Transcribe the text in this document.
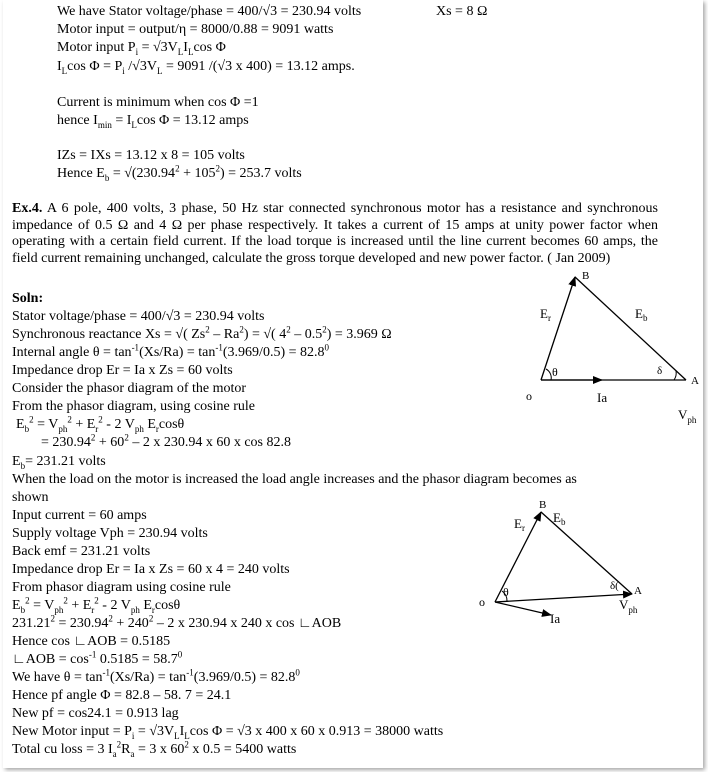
We have Stator voltage/phase = 400/√3 = 230.94 volts	Xs = 8 Ω
Motor input = output/η = 8000/0.88 = 9091 watts
Motor input $P_i = √3V_LI_L\cos$ Φ
$I_L\cos$ $\Phi = P_i$ $/√3V_L = 9091$ /(√3 x 400) = 13.12 amps.
Current is minimum when cos Φ =1
hence $I_{min} = I_L\cos$ Φ = 13.12 amps
IZs = IXs = 13.12 x 8 = 105 volts
Hence $E_b = √(230.94^2 + 105^2) = 253.7$ volts
Ex.4. A 6 pole, 400 volts, 3 phase, 50 Hz star connected synchronous motor has a resistance and synchronous impedance of 0.5 Ω and 4 Ω per phase respectively. It takes a current of 15 amps at unity power factor when operating with a certain field current. If the load torque is increased until the line current becomes 60 amps, the field current remaining unchanged, calculate the gross torque developed and new power factor. ( Jan 2009)
Soln:
Stator voltage/phase = 400/√3 = 230.94 volts
Synchronous reactance Xs = √( $Zs^2 - Ra^2$) = √( $4^2 - 0.5^2) = 3.969$ Ω
Internal angle $\theta = \tan^{-1}(Xs/Ra) = \tan^{-1}(3.969/0.5) = 82.8^0$
Impedance drop Er = Ia x Zs = 60 volts
Consider the phasor diagram of the motor
From the phasor diagram, using cosine rule
$E_b^2 = V_{ph}^2 + E_r^2 - 2$ $V_{ph}$ $E_r\cos\theta$
= $230.94^2 + 60^2 - 2$ x 230.94 x 60 x cos 82.8
$E_b= 231.21$ volts
When the load on the motor is increased the load angle increases and the phasor diagram becomes as
shown
Input current = 60 amps
Supply voltage Vph = 230.94 volts
Back emf = 231.21 volts
Impedance drop Er = Ia x Zs = 60 x 4 = 240 volts
From phasor diagram using cosine rule
$E_b^2 = V_{ph}^2 + E_r^2 - 2$ $V_{ph}$ $E_r\cos\theta$
$231.21^2 = 230.94^2 + 240^2 - 2$ x 230.94 x 240 x cos ∟AOB
Hence cos ∟AOB = 0.5185
∟AOB = $\cos^{-1} 0.5185 = 58.7^0$
We have $\theta = \tan^{-1}(Xs/Ra) = \tan^{-1}(3.969/0.5) = 82.8^0$
Hence pf angle Φ = 82.8 – 58. 7 = 24.1
New pf = cos24.1 = 0.913 lag
New Motor input = $P_i = √3V_LI_L\cos$ Φ = √3 x 400 x 60 x 0.913 = 38000 watts
Total cu loss = 3 $I_a^2R_a = 3$ x $60^2$ x 0.5 = 5400 watts
B
A
o
$E_r$	$E_b$
θ	δ
Ia
$V_{ph}$
B
A
o
$E_r$
$E_b$
θ	δ(
Ia
$V_{ph}$
